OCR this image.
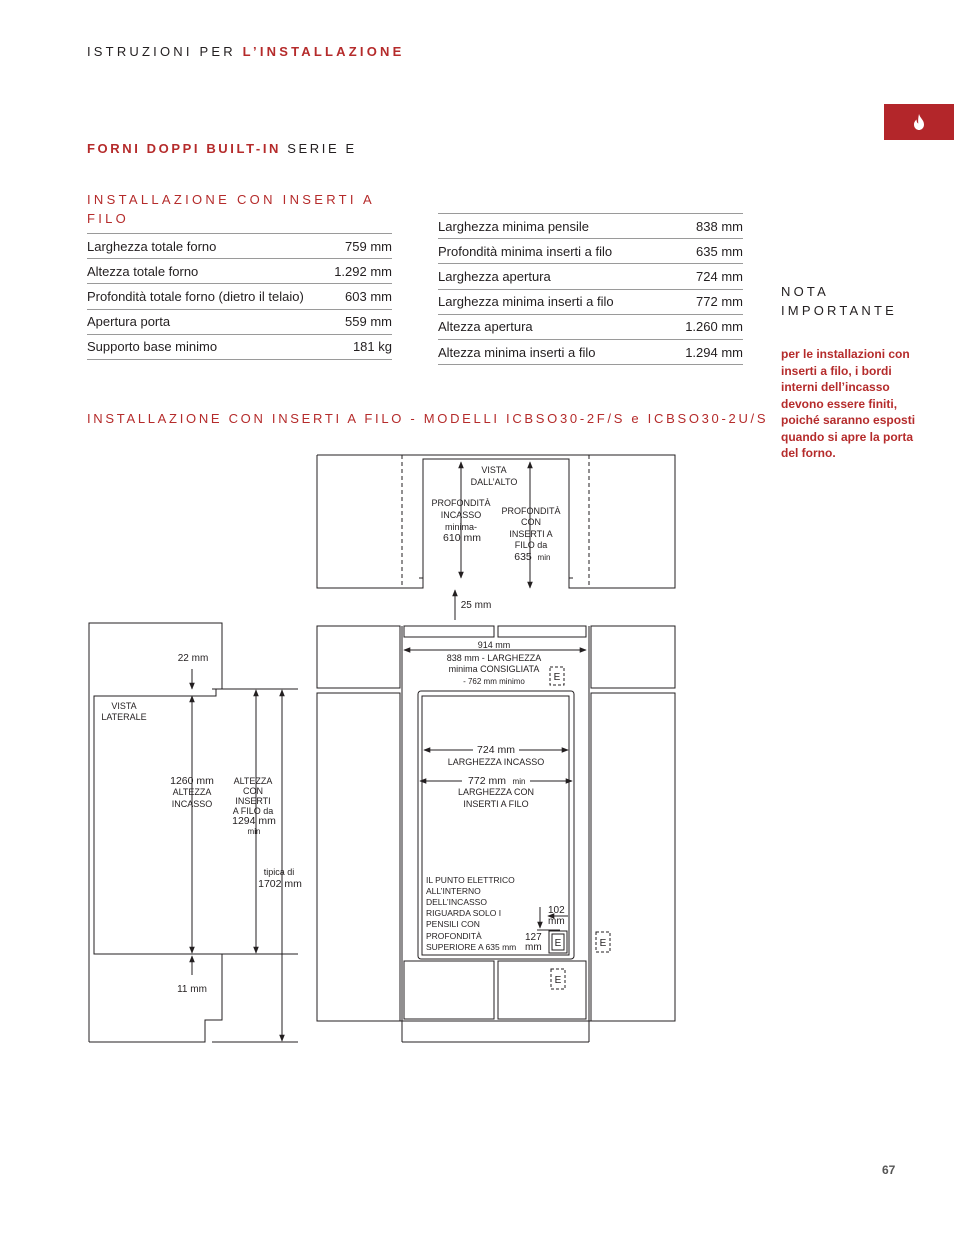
ISTRUZIONI PER L’INSTALLAZIONE
FORNI DOPPI BUILT-IN SERIE E
INSTALLAZIONE CON INSERTI A FILO
Larghezza totale forno	759 mm
Altezza totale forno	1.292 mm
Profondità totale forno (dietro il telaio)	603 mm
Apertura porta	559 mm
Supporto base minimo	181 kg
Larghezza minima pensile	838 mm
Profondità minima inserti a filo	635 mm
Larghezza apertura	724 mm
Larghezza minima inserti a filo	772 mm
Altezza apertura	1.260 mm
Altezza minima inserti a filo	1.294 mm
NOTA
IMPORTANTE
per le installazioni con inserti a filo, i bordi interni dell’incasso devono essere finiti, poiché saranno esposti quando si apre la porta del forno.
INSTALLAZIONE CON INSERTI A FILO - MODELLI ICBSO30-2F/S e ICBSO30-2U/S
VISTA
DALL’ALTO
PROFONDITÀ
INCASSO
minima-
610 mm
PROFONDITÀ
CON
INSERTI A
FILO da
635 min
25 mm
VISTA
LATERALE
22 mm
11 mm
1260 mm
ALTEZZA
INCASSO
ALTEZZA
CON
INSERTI
A FILO da
1294 mm
min
tipica di
1702 mm
914 mm
838 mm - LARGHEZZA
minima CONSIGLIATA
- 762 mm minimo
724 mm
LARGHEZZA INCASSO
772 mm min
LARGHEZZA CON
INSERTI A FILO
IL PUNTO ELETTRICO
ALL’INTERNO
DELL’INCASSO
RIGUARDA SOLO I
PENSILI CON
PROFONDITÀ
SUPERIORE A 635 mm
102
mm
127
mm
E
E	E
E
67
